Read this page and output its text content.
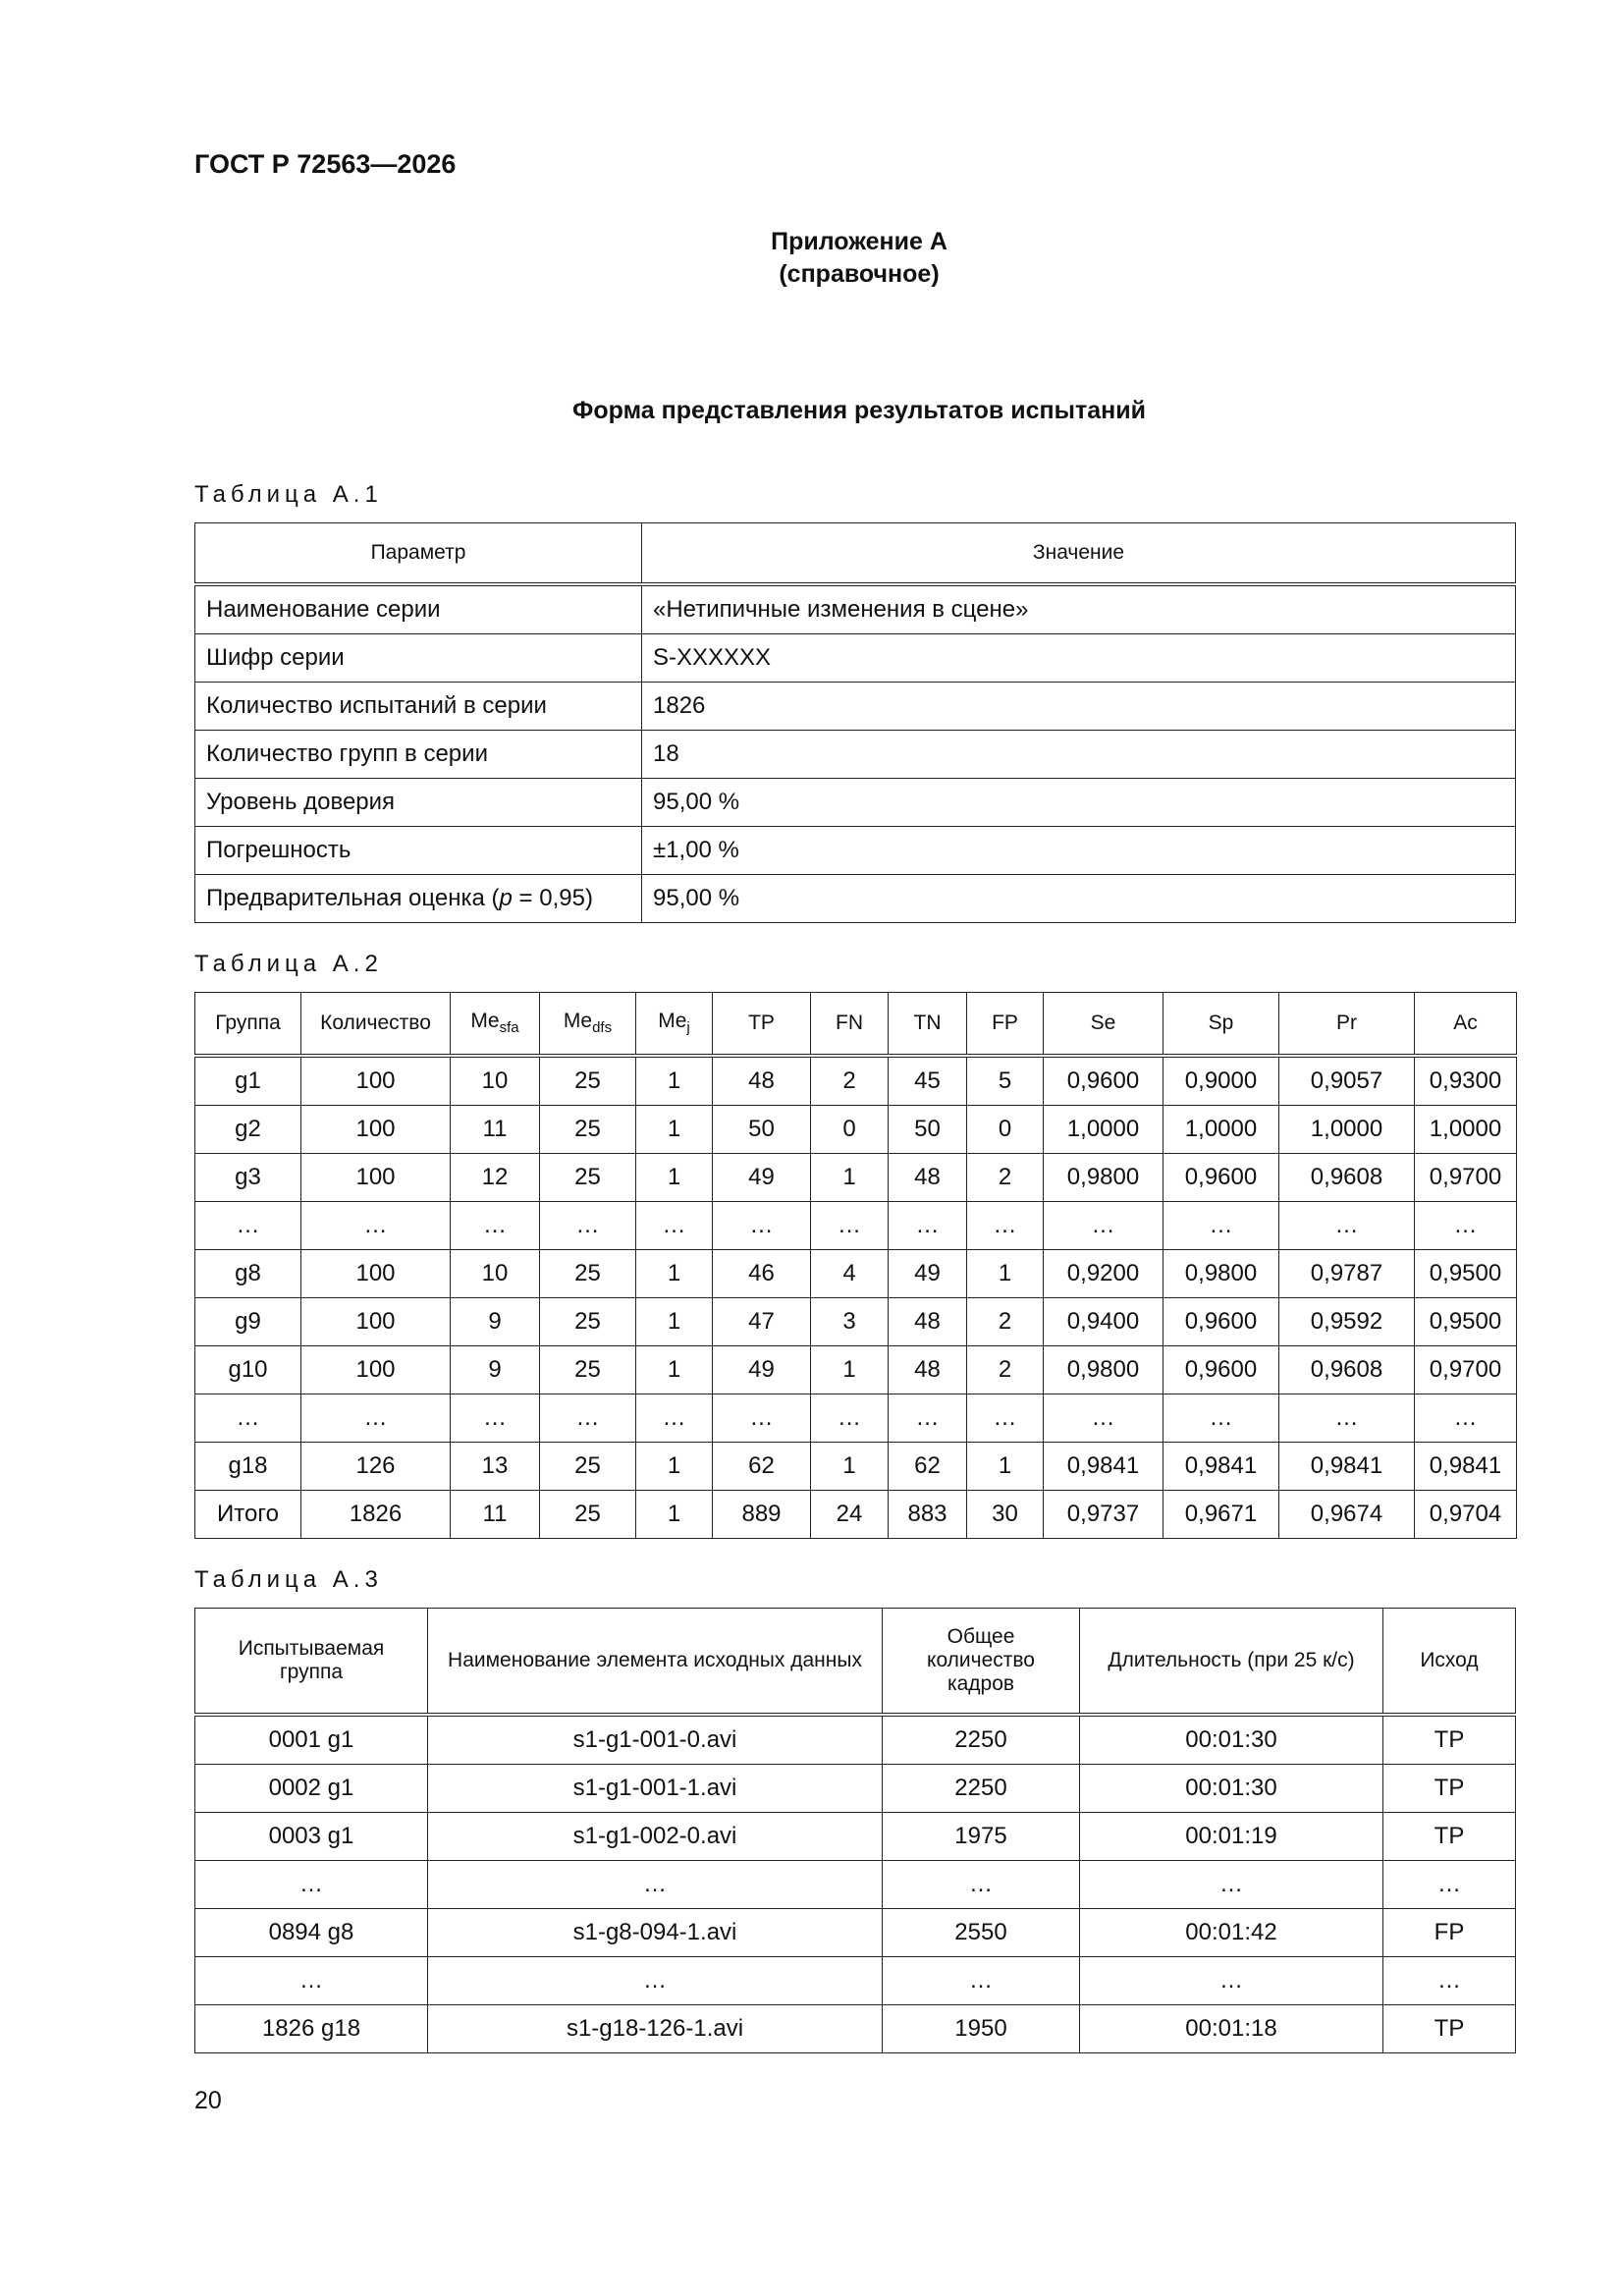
ГОСТ Р 72563—2026
Приложение А
(справочное)
Форма представления результатов испытаний
Таблица А.1
Параметр	Значение
Наименование серии	«Нетипичные изменения в сцене»
Шифр серии	S-XXXXXX
Количество испытаний в серии	1826
Количество групп в серии	18
Уровень доверия	95,00 %
Погрешность	±1,00 %
Предварительная оценка (p = 0,95)	95,00 %
Таблица А.2
Группа	Количество	$Me_{sfa}$	$Me_{dfs}$	$Me_j$	TP	FN	TN	FP	Se	Sp	Pr	Ac
g1	100	10	25	1	48	2	45	5	0,9600	0,9000	0,9057	0,9300
g2	100	11	25	1	50	0	50	0	1,0000	1,0000	1,0000	1,0000
g3	100	12	25	1	49	1	48	2	0,9800	0,9600	0,9608	0,9700
…	…	…	…	…	…	…	…	…	…	…	…	…
g8	100	10	25	1	46	4	49	1	0,9200	0,9800	0,9787	0,9500
g9	100	9	25	1	47	3	48	2	0,9400	0,9600	0,9592	0,9500
g10	100	9	25	1	49	1	48	2	0,9800	0,9600	0,9608	0,9700
…	…	…	…	…	…	…	…	…	…	…	…	…
g18	126	13	25	1	62	1	62	1	0,9841	0,9841	0,9841	0,9841
Итого	1826	11	25	1	889	24	883	30	0,9737	0,9671	0,9674	0,9704
Таблица А.3
Испытываемая группа	Наименование элемента исходных данных	Общее количество кадров	Длительность (при 25 к/с)	Исход
0001 g1	s1-g1-001-0.avi	2250	00:01:30	TP
0002 g1	s1-g1-001-1.avi	2250	00:01:30	TP
0003 g1	s1-g1-002-0.avi	1975	00:01:19	TP
…	…	…	…	…
0894 g8	s1-g8-094-1.avi	2550	00:01:42	FP
…	…	…	…	…
1826 g18	s1-g18-126-1.avi	1950	00:01:18	TP
20
